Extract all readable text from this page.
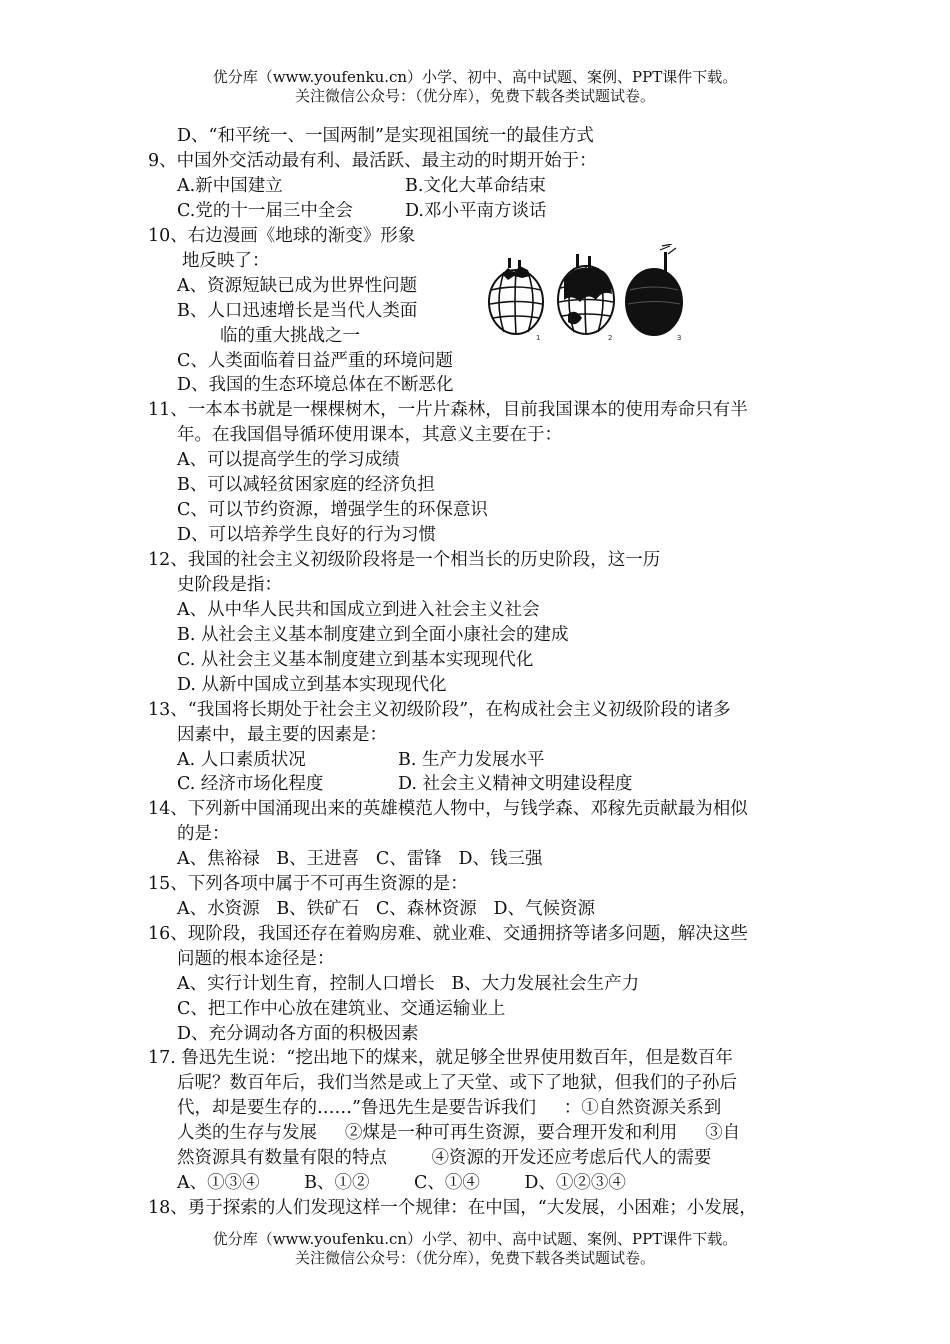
优分库（www.youfenku.cn）小学、初中、高中试题、案例、PPT课件下载。
关注微信公众号：（优分库），免费下载各类试题试卷。
D、“和平统一、一国两制”是实现祖国统一的最佳方式
9、中国外交活动最有利、最活跃、最主动的时期开始于：
A.新中国建立	B.文化大革命结束
C.党的十一届三中全会	D.邓小平南方谈话
10、右边漫画《地球的渐变》形象
地反映了：
A、资源短缺已成为世界性问题
B、人口迅速增长是当代人类面
临的重大挑战之一
C、人类面临着日益严重的环境问题
D、我国的生态环境总体在不断恶化
1	2	3
11、一本本书就是一棵棵树木，一片片森林，目前我国课本的使用寿命只有半
年。在我国倡导循环使用课本，其意义主要在于：
A、可以提高学生的学习成绩
B、可以减轻贫困家庭的经济负担
C、可以节约资源，增强学生的环保意识
D、可以培养学生良好的行为习惯
12、我国的社会主义初级阶段将是一个相当长的历史阶段，这一历
史阶段是指：
A、从中华人民共和国成立到进入社会主义社会
B. 从社会主义基本制度建立到全面小康社会的建成
C. 从社会主义基本制度建立到基本实现现代化
D. 从新中国成立到基本实现现代化
13、“我国将长期处于社会主义初级阶段”，在构成社会主义初级阶段的诸多
因素中，最主要的因素是：
A. 人口素质状况	B. 生产力发展水平
C. 经济市场化程度	D. 社会主义精神文明建设程度
14、下列新中国涌现出来的英雄模范人物中，与钱学森、邓稼先贡献最为相似
的是：
A、焦裕禄   B、王进喜   C、雷锋   D、钱三强
15、下列各项中属于不可再生资源的是：
A、水资源   B、铁矿石   C、森林资源   D、气候资源
16、现阶段，我国还存在着购房难、就业难、交通拥挤等诸多问题，解决这些
问题的根本途径是：
A、实行计划生育，控制人口增长   B、大力发展社会生产力
C、把工作中心放在建筑业、交通运输业上
D、充分调动各方面的积极因素
17. 鲁迅先生说：“挖出地下的煤来，就足够全世界使用数百年，但是数百年
后呢？数百年后，我们当然是或上了天堂、或下了地狱，但我们的子孙后
代，却是要生存的……”鲁迅先生是要告诉我们     ：①自然资源关系到
人类的生存与发展     ②煤是一种可再生资源，要合理开发和利用     ③自
然资源具有数量有限的特点        ④资源的开发还应考虑后代人的需要
A、①③④        B、①②        C、①④        D、①②③④
18、勇于探索的人们发现这样一个规律：在中国，“大发展，小困难；小发展，
优分库（www.youfenku.cn）小学、初中、高中试题、案例、PPT课件下载。
关注微信公众号：（优分库），免费下载各类试题试卷。
